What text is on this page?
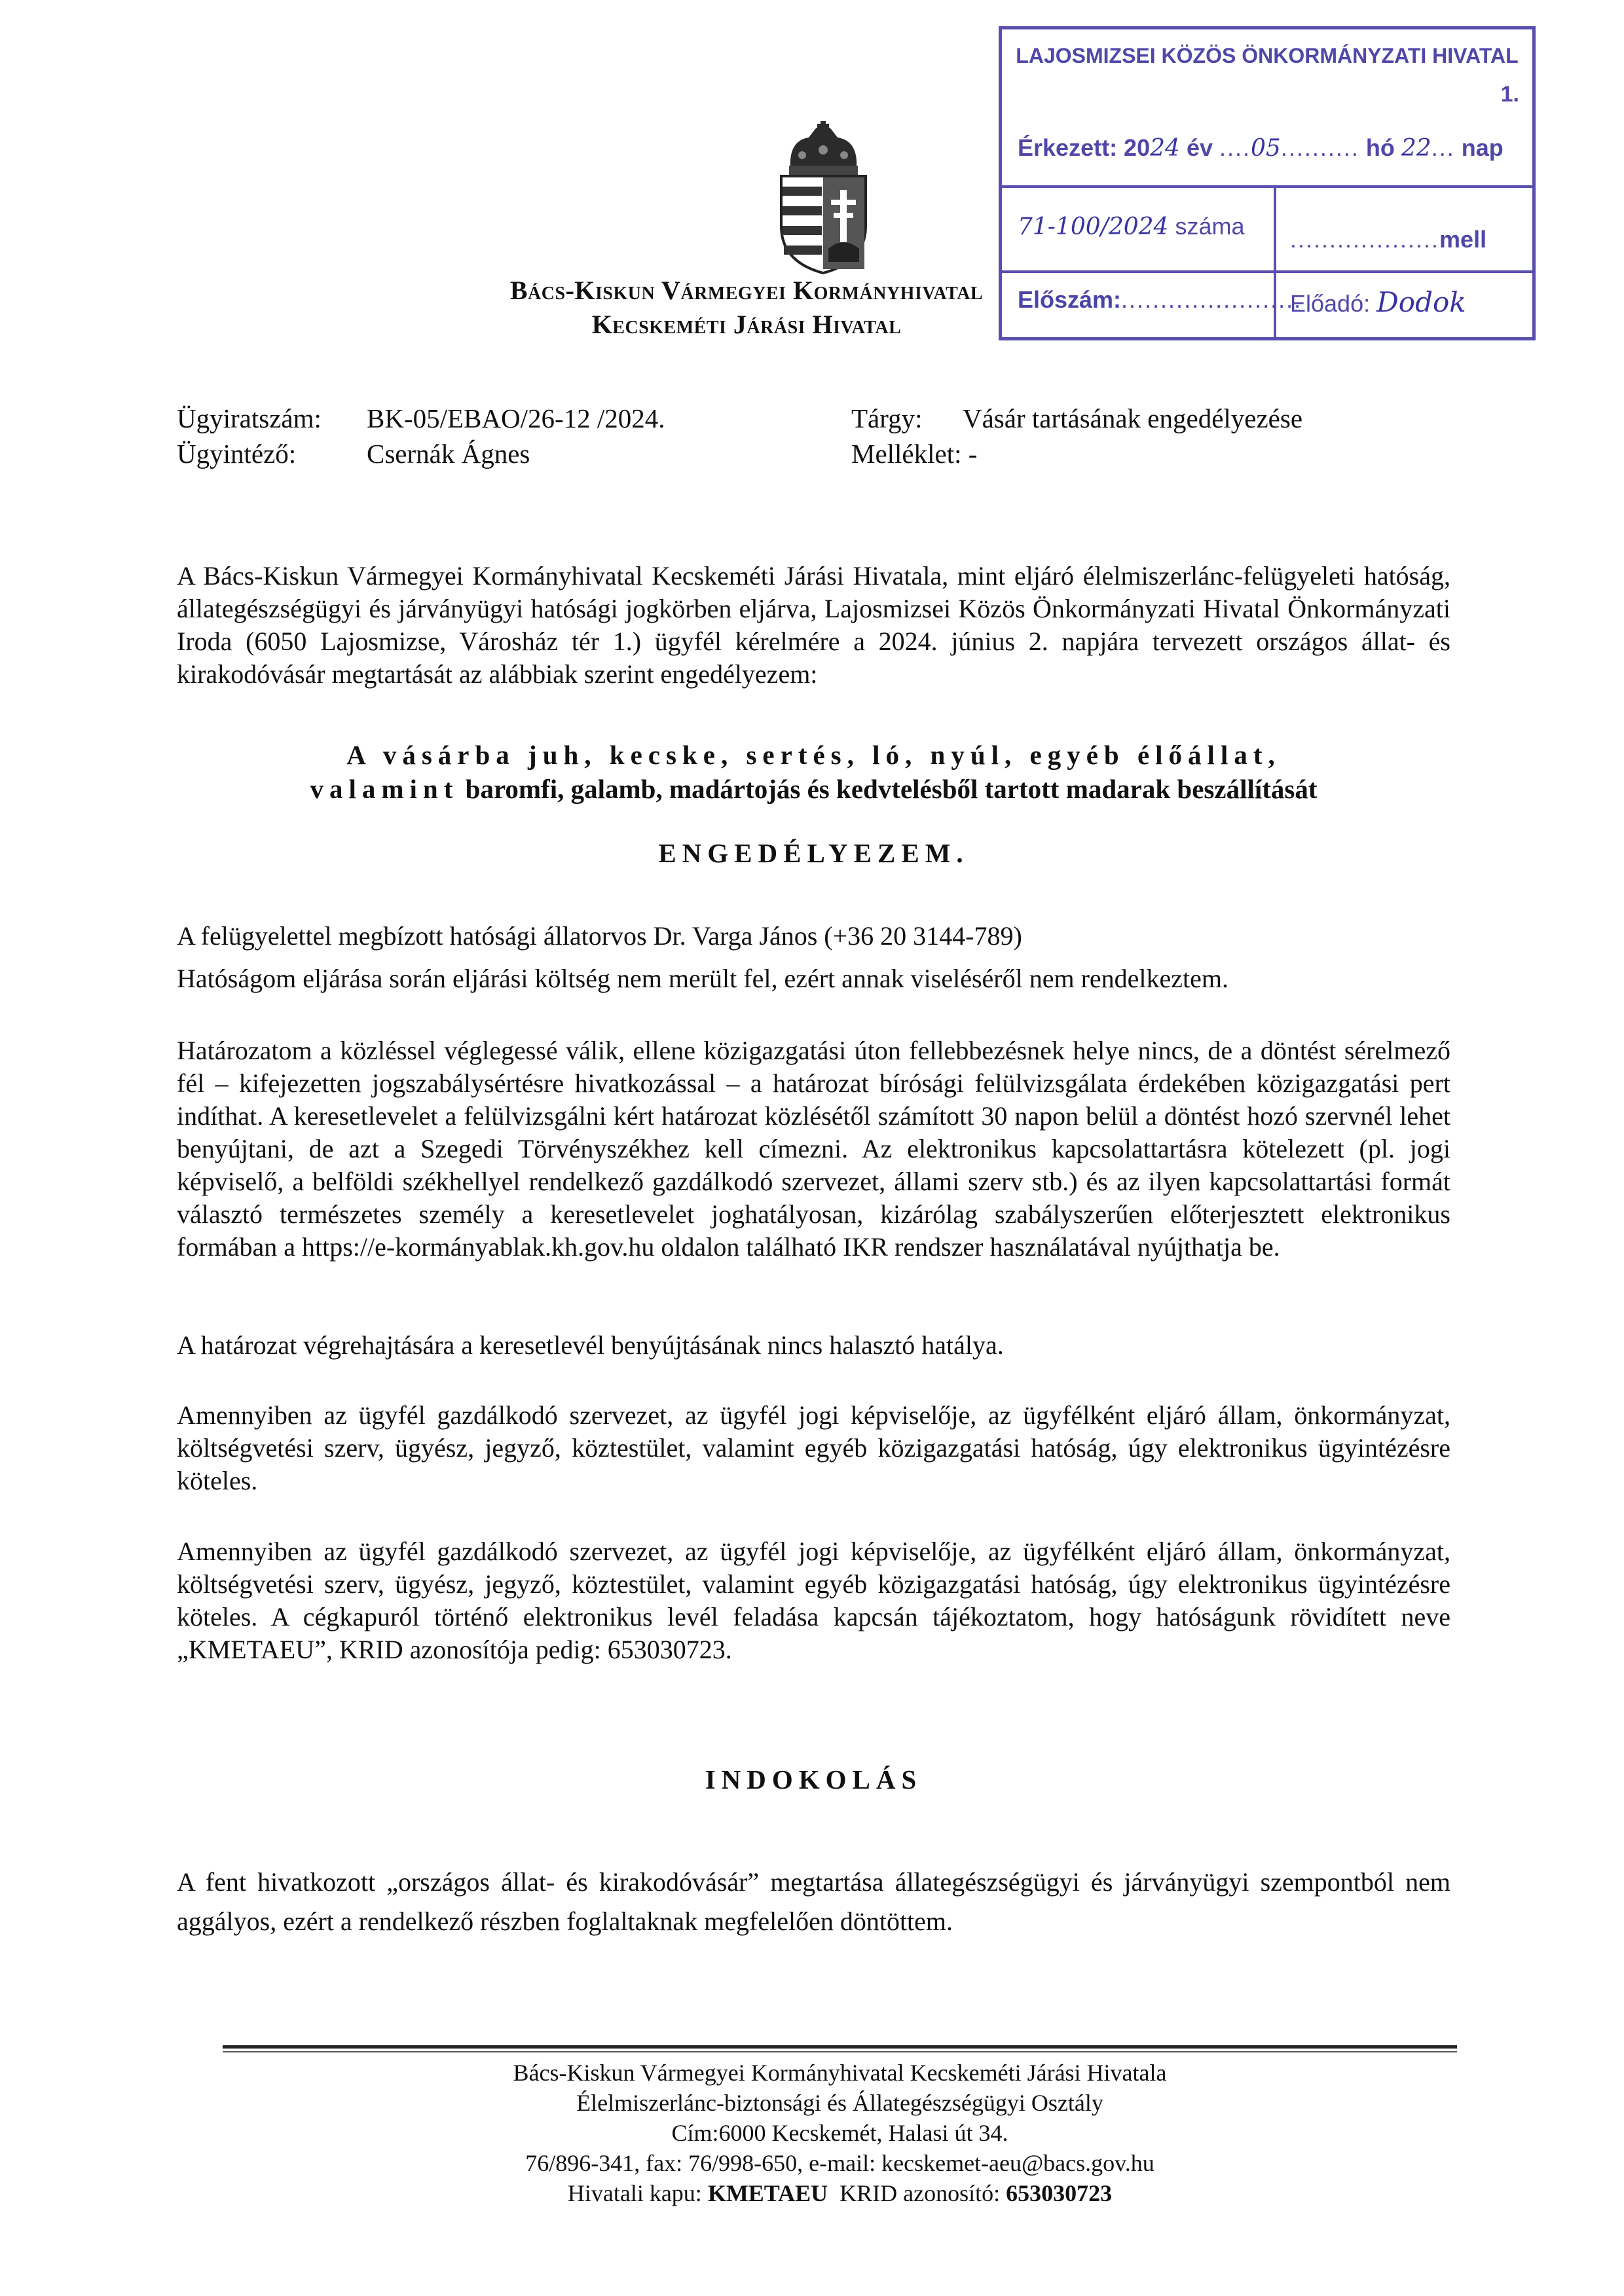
Bács-Kiskun Vármegyei Kormányhivatal
Kecskeméti Járási Hivatal
LAJOSMIZSEI KÖZÖS ÖNKORMÁNYZATI HIVATAL
1.
Érkezett: 2024 év ....05.......... hó 22... nap
71-100/2024 száma ...................mell
Előszám:.......................
Előadó: Dodok
Ügyiratszám: BK-05/EBAO/26-12 /2024.
Ügyintéző:	Csernák Ágnes
Tárgy: Vásár tartásának engedélyezése
Melléklet: -
A Bács-Kiskun Vármegyei Kormányhivatal Kecskeméti Járási Hivatala, mint eljáró élelmiszerlánc-felügyeleti hatóság, állategészségügyi és járványügyi hatósági jogkörben eljárva, Lajosmizsei Közös Önkormányzati Hivatal Önkormányzati Iroda (6050 Lajosmizse, Városház tér 1.) ügyfél kérelmére a 2024. június 2. napjára tervezett országos állat- és kirakodóvásár megtartását az alábbiak szerint engedélyezem:
A vásárba juh, kecske, sertés, ló, nyúl, egyéb élőállat,
valamint baromfi, galamb, madártojás és kedvtelésből tartott madarak beszállítását
ENGEDÉLYEZEM.
A felügyelettel megbízott hatósági állatorvos Dr. Varga János (+36 20 3144-789)
Hatóságom eljárása során eljárási költség nem merült fel, ezért annak viseléséről nem rendelkeztem.
Határozatom a közléssel véglegessé válik, ellene közigazgatási úton fellebbezésnek helye nincs, de a döntést sérelmező fél – kifejezetten jogszabálysértésre hivatkozással – a határozat bírósági felülvizsgálata érdekében közigazgatási pert indíthat. A keresetlevelet a felülvizsgálni kért határozat közlésétől számított 30 napon belül a döntést hozó szervnél lehet benyújtani, de azt a Szegedi Törvényszékhez kell címezni. Az elektronikus kapcsolattartásra kötelezett (pl. jogi képviselő, a belföldi székhellyel rendelkező gazdálkodó szervezet, állami szerv stb.) és az ilyen kapcsolattartási formát választó természetes személy a keresetlevelet joghatályosan, kizárólag szabályszerűen előterjesztett elektronikus formában a https://e-kormányablak.kh.gov.hu oldalon található IKR rendszer használatával nyújthatja be.
A határozat végrehajtására a keresetlevél benyújtásának nincs halasztó hatálya.
Amennyiben az ügyfél gazdálkodó szervezet, az ügyfél jogi képviselője, az ügyfélként eljáró állam, önkormányzat, költségvetési szerv, ügyész, jegyző, köztestület, valamint egyéb közigazgatási hatóság, úgy elektronikus ügyintézésre köteles.
Amennyiben az ügyfél gazdálkodó szervezet, az ügyfél jogi képviselője, az ügyfélként eljáró állam, önkormányzat, költségvetési szerv, ügyész, jegyző, köztestület, valamint egyéb közigazgatási hatóság, úgy elektronikus ügyintézésre köteles. A cégkapuról történő elektronikus levél feladása kapcsán tájékoztatom, hogy hatóságunk rövidített neve „KMETAEU”, KRID azonosítója pedig: 653030723.
INDOKOLÁS
A fent hivatkozott „országos állat- és kirakodóvásár” megtartása állategészségügyi és járványügyi szempontból nem aggályos, ezért a rendelkező részben foglaltaknak megfelelően döntöttem.
Bács-Kiskun Vármegyei Kormányhivatal Kecskeméti Járási Hivatala
Élelmiszerlánc-biztonsági és Állategészségügyi Osztály
Cím:6000 Kecskemét, Halasi út 34.
76/896-341, fax: 76/998-650, e-mail: kecskemet-aeu@bacs.gov.hu
Hivatali kapu: KMETAEU  KRID azonosító: 653030723
